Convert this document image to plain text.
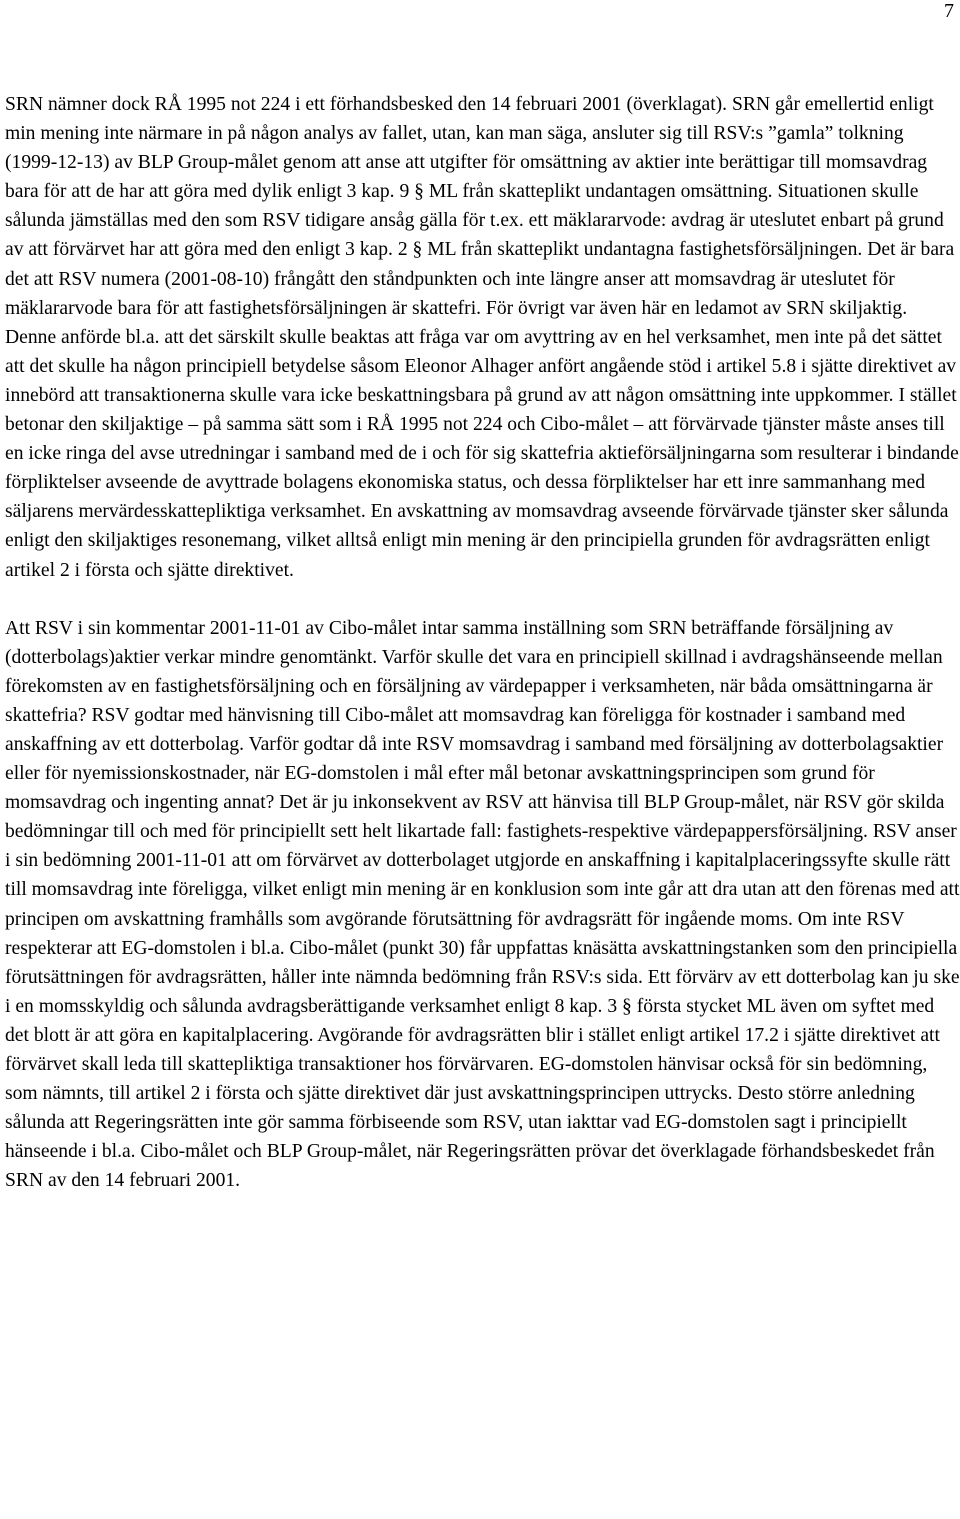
7

SRN nämner dock RÅ 1995 not 224 i ett förhandsbesked den 14 februari 2001 (överklagat). SRN går emellertid enligt min mening inte närmare in på någon analys av fallet, utan, kan man säga, ansluter sig till RSV:s ”gamla” tolkning (1999-12-13) av BLP Group-målet genom att anse att utgifter för omsättning av aktier inte berättigar till momsavdrag bara för att de har att göra med dylik enligt 3 kap. 9 § ML från skatteplikt undantagen omsättning. Situationen skulle sålunda jämställas med den som RSV tidigare ansåg gälla för t.ex. ett mäklararvode: avdrag är uteslutet enbart på grund av att förvärvet har att göra med den enligt 3 kap. 2 § ML från skatteplikt undantagna fastighetsförsäljningen. Det är bara det att RSV numera (2001-08-10) frångått den ståndpunkten och inte längre anser att momsavdrag är uteslutet för mäklararvode bara för att fastighetsförsäljningen är skattefri. För övrigt var även här en ledamot av SRN skiljaktig. Denne anförde bl.a. att det särskilt skulle beaktas att fråga var om avyttring av en hel verksamhet, men inte på det sättet att det skulle ha någon principiell betydelse såsom Eleonor Alhager anfört angående stöd i artikel 5.8 i sjätte direktivet av innebörd att transaktionerna skulle vara icke beskattningsbara på grund av att någon omsättning inte uppkommer. I stället betonar den skiljaktige – på samma sätt som i RÅ 1995 not 224 och Cibo-målet – att förvärvade tjänster måste anses till en icke ringa del avse utredningar i samband med de i och för sig skattefria aktieförsäljningarna som resulterar i bindande förpliktelser avseende de avyttrade bolagens ekonomiska status, och dessa förpliktelser har ett inre sammanhang med säljarens mervärdesskattepliktiga verksamhet. En avskattning av momsavdrag avseende förvärvade tjänster sker sålunda enligt den skiljaktiges resonemang, vilket alltså enligt min mening är den principiella grunden för avdragsrätten enligt artikel 2 i första och sjätte direktivet.

Att RSV i sin kommentar 2001-11-01 av Cibo-målet intar samma inställning som SRN beträffande försäljning av (dotterbolags)aktier verkar mindre genomtänkt. Varför skulle det vara en principiell skillnad i avdragshänseende mellan förekomsten av en fastighetsförsäljning och en försäljning av värdepapper i verksamheten, när båda omsättningarna är skattefria? RSV godtar med hänvisning till Cibo-målet att momsavdrag kan föreligga för kostnader i samband med anskaffning av ett dotterbolag. Varför godtar då inte RSV momsavdrag i samband med försäljning av dotterbolagsaktier eller för nyemissionskostnader, när EG-domstolen i mål efter mål betonar avskattningsprincipen som grund för momsavdrag och ingenting annat? Det är ju inkonsekvent av RSV att hänvisa till BLP Group-målet, när RSV gör skilda bedömningar till och med för principiellt sett helt likartade fall: fastighets-respektive värdepappersförsäljning. RSV anser i sin bedömning 2001-11-01 att om förvärvet av dotterbolaget utgjorde en anskaffning i kapitalplaceringssyfte skulle rätt till momsavdrag inte föreligga, vilket enligt min mening är en konklusion som inte går att dra utan att den förenas med att principen om avskattning framhålls som avgörande förutsättning för avdragsrätt för ingående moms. Om inte RSV respekterar att EG-domstolen i bl.a. Cibo-målet (punkt 30) får uppfattas knäsätta avskattningstanken som den principiella förutsättningen för avdragsrätten, håller inte nämnda bedömning från RSV:s sida. Ett förvärv av ett dotterbolag kan ju ske i en momsskyldig och sålunda avdragsberättigande verksamhet enligt 8 kap. 3 § första stycket ML även om syftet med det blott är att göra en kapitalplacering. Avgörande för avdragsrätten blir i stället enligt artikel 17.2 i sjätte direktivet att förvärvet skall leda till skattepliktiga transaktioner hos förvärvaren. EG-domstolen hänvisar också för sin bedömning, som nämnts, till artikel 2 i första och sjätte direktivet där just avskattningsprincipen uttrycks. Desto större anledning sålunda att Regeringsrätten inte gör samma förbiseende som RSV, utan iakttar vad EG-domstolen sagt i principiellt hänseende i bl.a. Cibo-målet och BLP Group-målet, när Regeringsrätten prövar det överklagade förhandsbeskedet från SRN av den 14 februari 2001.
